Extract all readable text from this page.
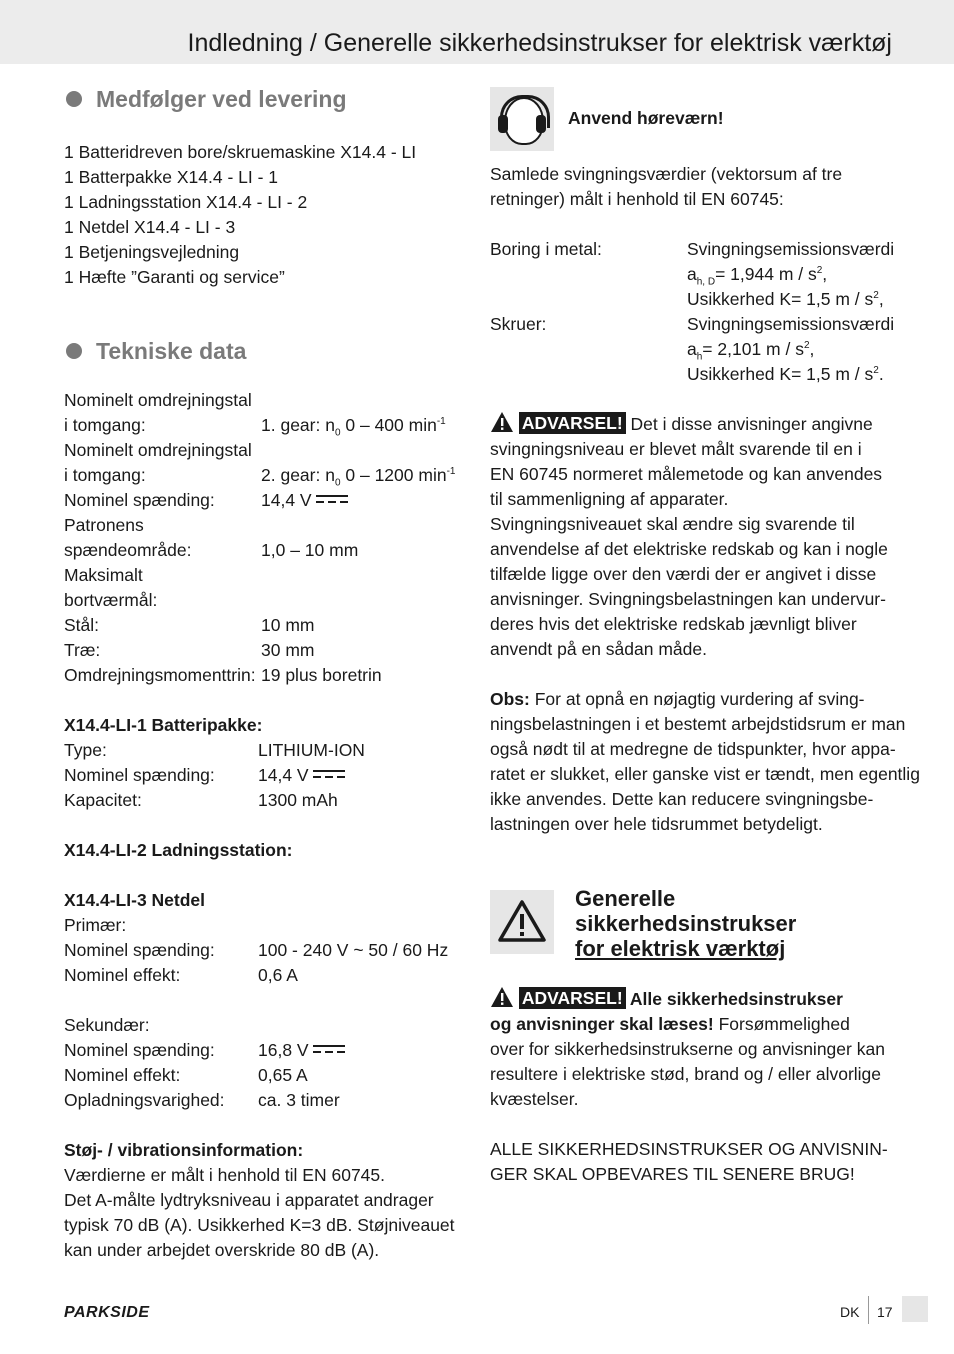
Indledning / Generelle sikkerhedsinstrukser for elektrisk værktøj
Medfølger ved levering
1 Batteridreven bore/skruemaskine X14.4 - LI
1 Batterpakke X14.4 - LI - 1
1 Ladningsstation X14.4 - LI - 2
1 Netdel X14.4 - LI - 3
1 Betjeningsvejledning
1 Hæfte ”Garanti og service”
Tekniske data
Nominelt omdrejningstal
i tomgang:	1. gear: $n_0$ 0 – 400 $\min^{-1}$
Nominelt omdrejningstal
i tomgang:	2. gear: $n_0$ 0 – 1200 $\min^{-1}$
Nominel spænding:	14,4 V
Patronens
spændeområde:	1,0 – 10 mm
Maksimalt
bortværmål:
Stål:	10 mm
Træ:	30 mm
Omdrejningsmomenttrin: 19 plus boretrin
X14.4-LI-1 Batteripakke:
Type:	LITHIUM-ION
Nominel spænding:	14,4 V
Kapacitet:	1300 mAh
X14.4-LI-2 Ladningsstation:
X14.4-LI-3 Netdel
Primær:
Nominel spænding:	100 - 240 V ~ 50 / 60 Hz
Nominel effekt:	0,6 A
Sekundær:
Nominel spænding:	16,8 V
Nominel effekt:	0,65 A
Opladningsvarighed:	ca. 3 timer
Støj- / vibrationsinformation:
Værdierne er målt i henhold til EN 60745.
Det A-målte lydtryksniveau i apparatet andrager
typisk 70 dB (A). Usikkerhed K=3 dB. Støjniveauet
kan under arbejdet overskride 80 dB (A).
Anvend høreværn!
Samlede svingningsværdier (vektorsum af tre
retninger) målt i henhold til EN 60745:
Boring i metal:	Svingningsemissionsværdi
$a_{h, D}= 1,944$ m / $s^2$,
Usikkerhed K= 1,5 m / $s^2$,
Skruer:	Svingningsemissionsværdi
$a_h= 2,101$ m / $s^2$,
Usikkerhed K= 1,5 m / $s^2$.
ADVARSEL! Det i disse anvisninger angivne
svingningsniveau er blevet målt svarende til en i
EN 60745 normeret målemetode og kan anvendes
til sammenligning af apparater.
Svingningsniveauet skal ændre sig svarende til
anvendelse af det elektriske redskab og kan i nogle
tilfælde ligge over den værdi der er angivet i disse
anvisninger. Svingningsbelastningen kan undervur-
deres hvis det elektriske redskab jævnligt bliver
anvendt på en sådan måde.
Obs: For at opnå en nøjagtig vurdering af sving-
ningsbelastningen i et bestemt arbejdstidsrum er man
også nødt til at medregne de tidspunkter, hvor appa-
ratet er slukket, eller ganske vist er tændt, men egentlig
ikke anvendes. Dette kan reducere svingningsbe-
lastningen over hele tidsrummet betydeligt.
Generelle
sikkerhedsinstrukser
for elektrisk værktøj
ADVARSEL! Alle sikkerhedsinstrukser
og anvisninger skal læses! Forsømmelighed
over for sikkerhedsinstrukserne og anvisninger kan
resultere i elektriske stød, brand og / eller alvorlige
kvæstelser.
ALLE SIKKERHEDSINSTRUKSER OG ANVISNIN-
GER SKAL OPBEVARES TIL SENERE BRUG!
PARKSIDE	DK 17
